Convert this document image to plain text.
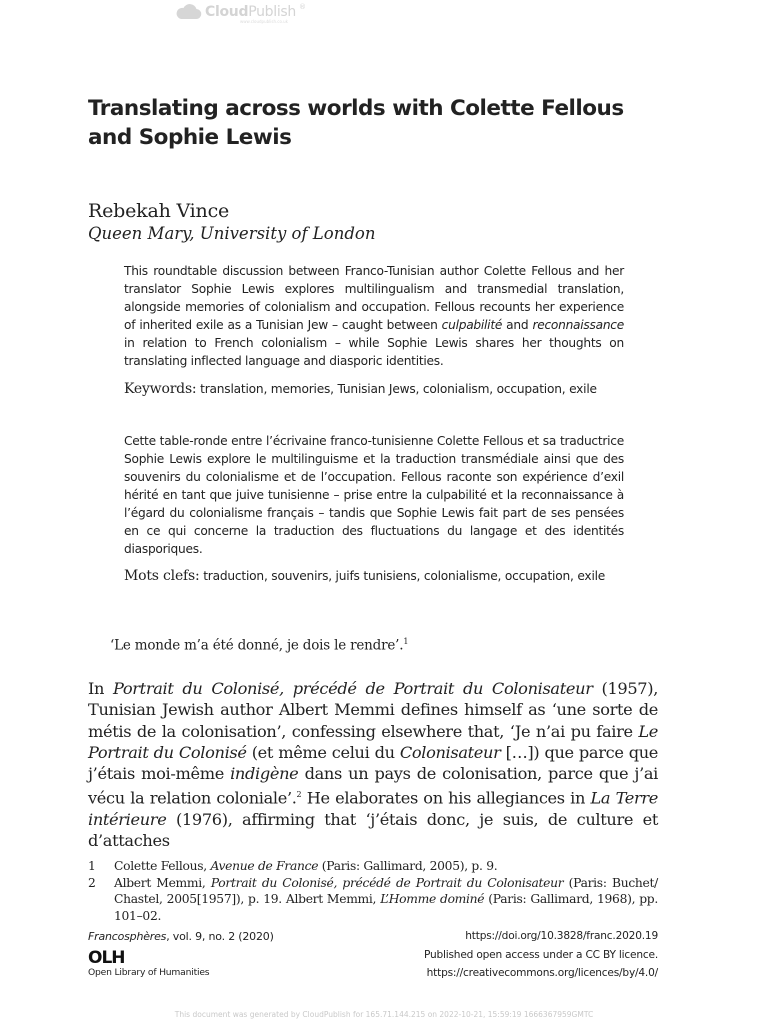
CloudPublish ®
www.cloudpublish.co.uk
Translating across worlds with Colette Fellous
and Sophie Lewis
Rebekah Vince
Queen Mary, University of London
This roundtable discussion between Franco-Tunisian author Colette Fellous and her translator Sophie Lewis explores multilingualism and transmedial translation, alongside memories of colonialism and occupation. Fellous recounts her experience of inherited exile as a Tunisian Jew – caught between culpabilité and reconnaissance in relation to French colonialism – while Sophie Lewis shares her thoughts on translating inflected language and diasporic identities.
Keywords: translation, memories, Tunisian Jews, colonialism, occupation, exile
Cette table-ronde entre l’écrivaine franco-tunisienne Colette Fellous et sa traductrice Sophie Lewis explore le multilinguisme et la traduction transmédiale ainsi que des souvenirs du colonialisme et de l’occupation. Fellous raconte son expérience d’exil hérité en tant que juive tunisienne – prise entre la culpabilité et la reconnaissance à l’égard du colonialisme français – tandis que Sophie Lewis fait part de ses pensées en ce qui concerne la traduction des fluctuations du langage et des identités diasporiques.
Mots clefs: traduction, souvenirs, juifs tunisiens, colonialisme, occupation, exile
‘Le monde m’a été donné, je dois le rendre’.$^1$
In Portrait du Colonisé, précédé de Portrait du Colonisateur (1957), Tunisian Jewish author Albert Memmi defines himself as ‘une sorte de métis de la colonisation’, confessing elsewhere that, ‘Je n’ai pu faire Le Portrait du Colonisé (et même celui du Colonisateur […]) que parce que j’étais moi-même indigène dans un pays de colonisation, parce que j’ai vécu la relation coloniale’.$^2$ He elaborates on his allegiances in La Terre intérieure (1976), affirming that ‘j’étais donc, je suis, de culture et d’attaches
1	Colette Fellous, Avenue de France (Paris: Gallimard, 2005), p. 9.
2	Albert Memmi, Portrait du Colonisé, précédé de Portrait du Colonisateur (Paris: Buchet/ Chastel, 2005[1957]), p. 19. Albert Memmi, L’Homme dominé (Paris: Gallimard, 1968), pp. 101–02.
Francosphères, vol. 9, no. 2 (2020)
OLH
Open Library of Humanities
https://doi.org/10.3828/franc.2020.19
Published open access under a CC BY licence.
https://creativecommons.org/licences/by/4.0/
This document was generated by CloudPublish for 165.71.144.215 on 2022-10-21, 15:59:19 1666367959GMTC
